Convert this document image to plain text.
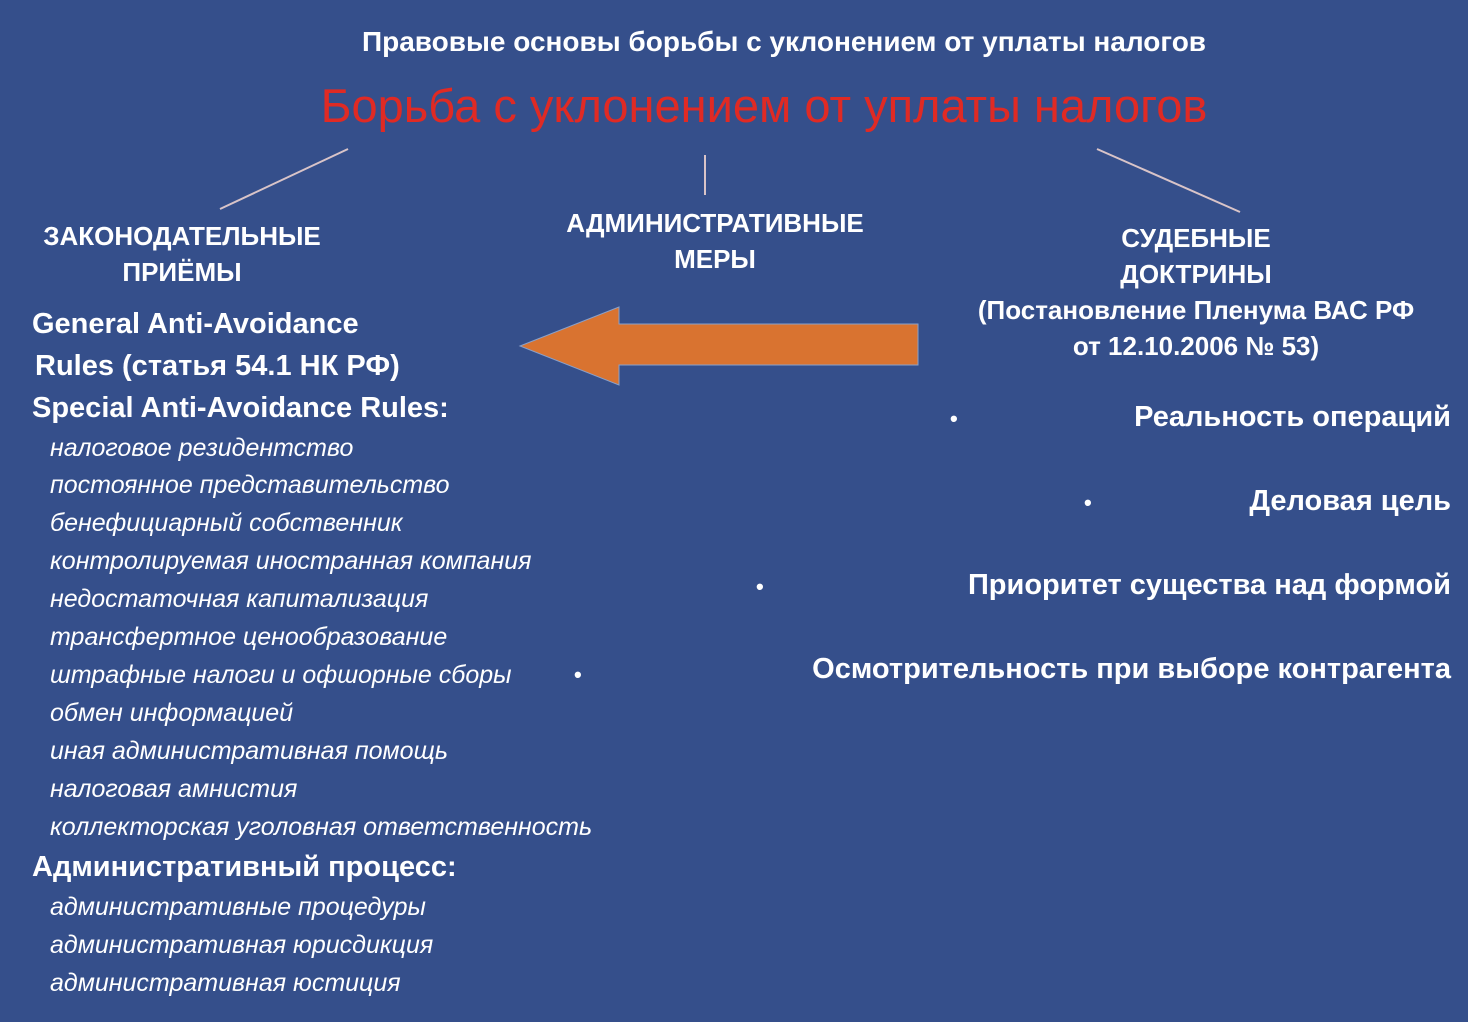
Правовые основы борьбы с уклонением от уплаты налогов
Борьба с уклонением от уплаты налогов
ЗАКОНОДАТЕЛЬНЫЕ
ПРИЁМЫ
АДМИНИСТРАТИВНЫЕ
МЕРЫ
СУДЕБНЫЕ
ДОКТРИНЫ
(Постановление Пленума ВАС РФ
от 12.10.2006 № 53)
General Anti-Avoidance
Rules (статья 54.1 НК РФ)
Special Anti-Avoidance Rules:
налоговое резидентство
постоянное представительство
бенефициарный собственник
контролируемая иностранная компания
недостаточная капитализация
трансфертное ценообразование
штрафные налоги и офшорные сборы
обмен информацией
иная административная помощь
налоговая амнистия
коллекторская уголовная ответственность
Административный процесс:
административные процедуры
административная юрисдикция
административная юстиция
•	Реальность операций
•	Деловая цель
•	Приоритет существа над формой
•	Осмотрительность при выборе контрагента
